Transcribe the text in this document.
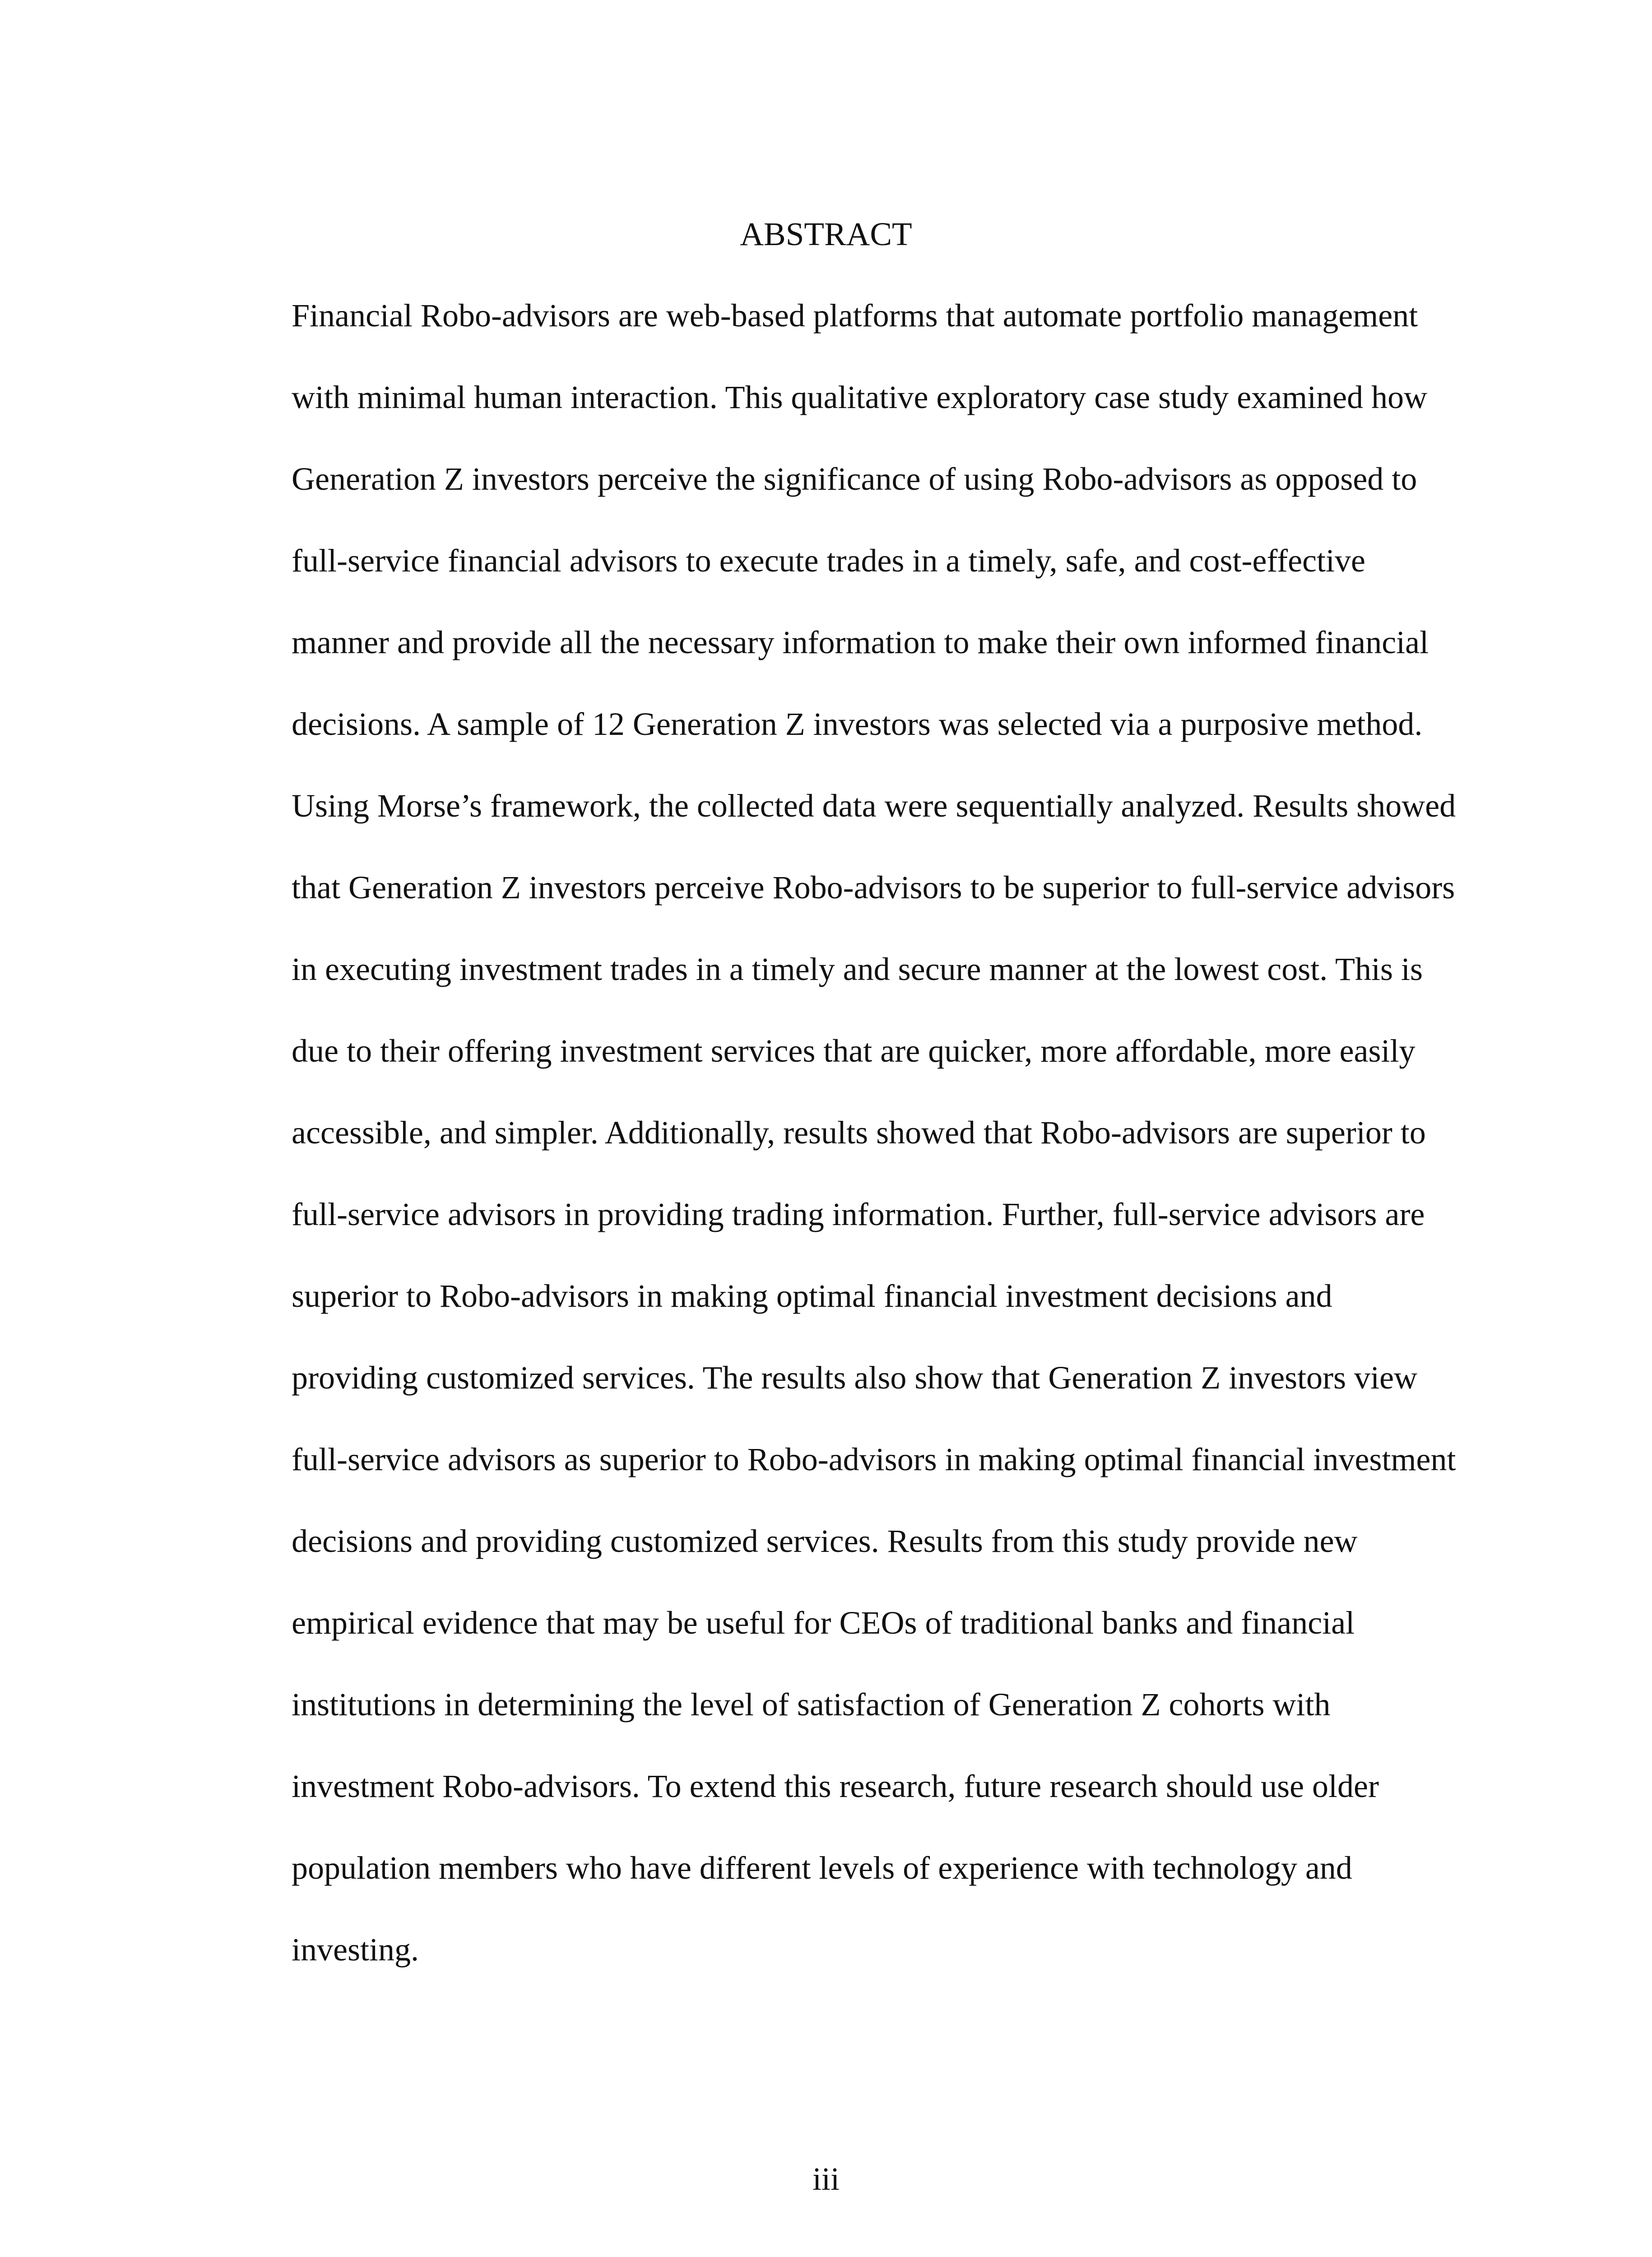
ABSTRACT
Financial Robo-advisors are web-based platforms that automate portfolio management
with minimal human interaction. This qualitative exploratory case study examined how
Generation Z investors perceive the significance of using Robo-advisors as opposed to
full-service financial advisors to execute trades in a timely, safe, and cost-effective
manner and provide all the necessary information to make their own informed financial
decisions. A sample of 12 Generation Z investors was selected via a purposive method.
Using Morse’s framework, the collected data were sequentially analyzed. Results showed
that Generation Z investors perceive Robo-advisors to be superior to full-service advisors
in executing investment trades in a timely and secure manner at the lowest cost. This is
due to their offering investment services that are quicker, more affordable, more easily
accessible, and simpler. Additionally, results showed that Robo-advisors are superior to
full-service advisors in providing trading information. Further, full-service advisors are
superior to Robo-advisors in making optimal financial investment decisions and
providing customized services. The results also show that Generation Z investors view
full-service advisors as superior to Robo-advisors in making optimal financial investment
decisions and providing customized services. Results from this study provide new
empirical evidence that may be useful for CEOs of traditional banks and financial
institutions in determining the level of satisfaction of Generation Z cohorts with
investment Robo-advisors. To extend this research, future research should use older
population members who have different levels of experience with technology and
investing.
iii
